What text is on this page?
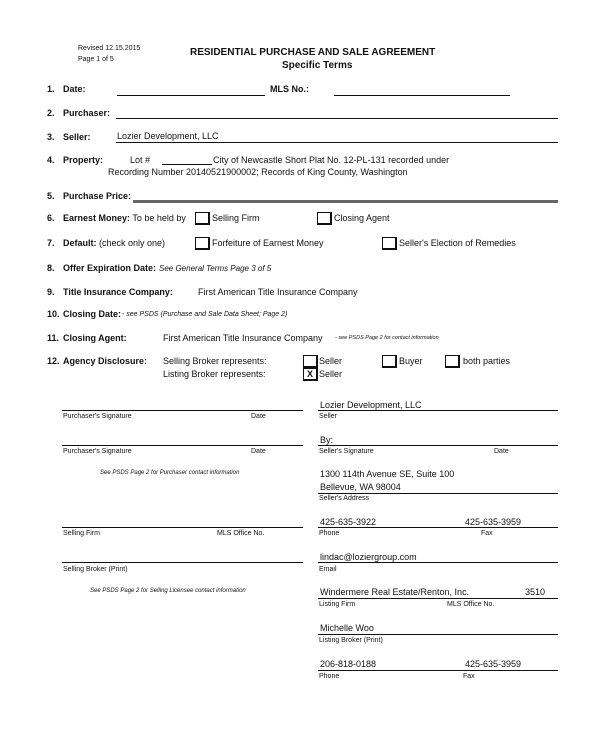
Revised 12.15.2015
Page 1 of 5
RESIDENTIAL PURCHASE AND SALE AGREEMENT
Specific Terms
1. Date:	MLS No.:
2. Purchaser:
3. Seller:	Lozier Development, LLC
4. Property:	Lot #	City of Newcastle Short Plat No. 12-PL-131 recorded under
Recording Number 20140521900002; Records of King County, Washington
5. Purchase Price:
6. Earnest Money: To be held by	Selling Firm	Closing Agent
7. Default: (check only one)	Forfeiture of Earnest Money	Seller's Election of Remedies
8. Offer Expiration Date: See General Terms Page 3 of 5
9. Title Insurance Company:	First American Title Insurance Company
10. Closing Date: - see PSDS (Purchase and Sale Data Sheet; Page 2)
11. Closing Agent:	First American Title Insurance Company - see PSDS Page 2 for contact information
12. Agency Disclosure: Selling Broker represents:
Listing Broker represents:
Seller	Buyer	both parties
X Seller
Purchaser's Signature	Date
Purchaser's Signature	Date
See PSDS Page 2 for Purchaser contact information
Selling Firm	MLS Office No.
Selling Broker (Print)
See PSDS Page 2 for Selling Licensee contact information
Lozier Development, LLC
Seller
By:
Seller's Signature	Date
1300 114th Avenue SE, Suite 100
Bellevue, WA 98004
Seller's Address
425-635-3922	425-635-3959
Phone	Fax
lindac@loziergroup.com
Email
Windermere Real Estate/Renton, Inc.	3510
Listing Firm	MLS Office No.
Michelle Woo
Listing Broker (Print)
206-818-0188	425-635-3959
Phone	Fax
